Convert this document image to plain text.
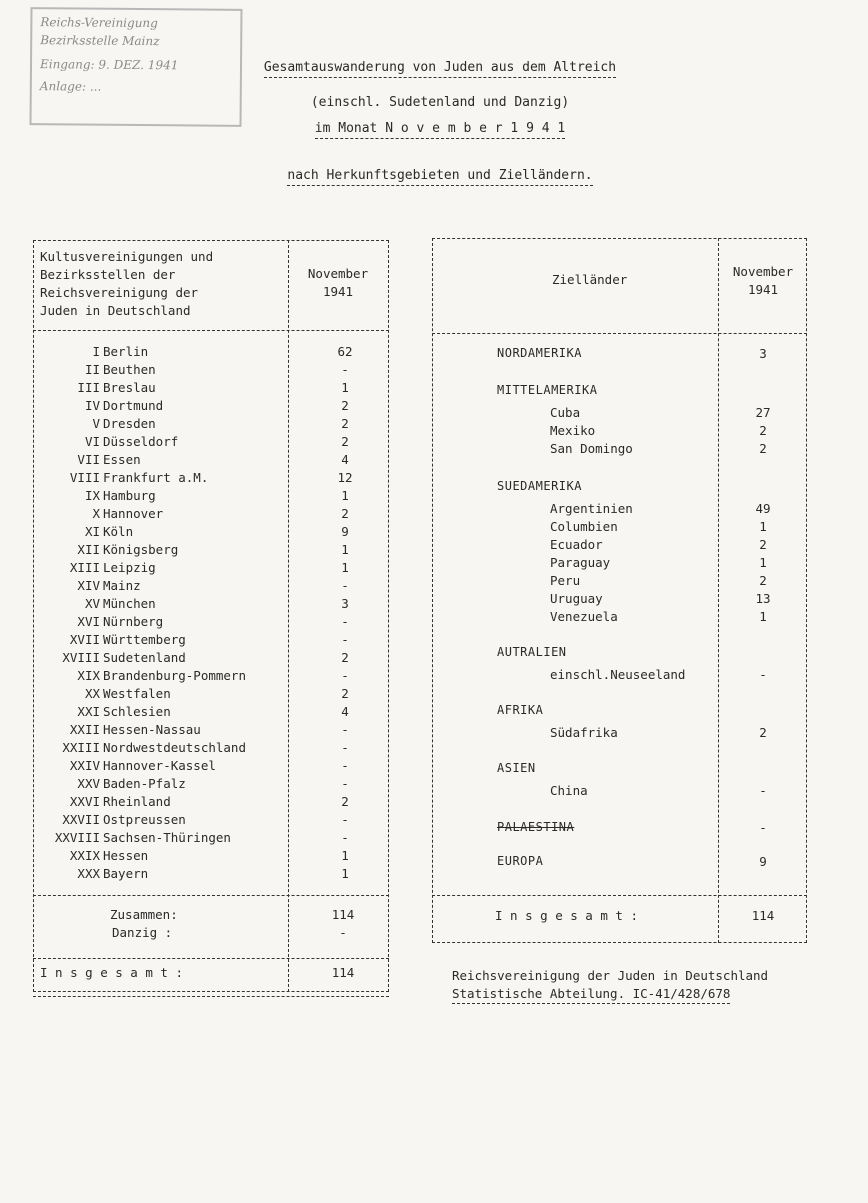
Reichs-Vereinigung
Bezirksstelle Mainz
Eingang: 9. DEZ. 1941
Anlage: ...
Gesamtauswanderung von Juden aus dem Altreich
(einschl. Sudetenland und Danzig)
im Monat N o v e m b e r 1 9 4 1
nach Herkunftsgebieten und Zielländern.
Kultusvereinigungen und
Bezirksstellen der
Reichsvereinigung der
Juden in Deutschland
November
1941
I Berlin	62
II Beuthen	-
III Breslau	1
IV Dortmund	2
V Dresden	2
VI Düsseldorf	2
VII Essen	4
VIII Frankfurt a.M.	12
IX Hamburg	1
X Hannover	2
XI Köln	9
XII Königsberg	1
XIII Leipzig	1
XIV Mainz	-
XV München	3
XVI Nürnberg	-
XVII Württemberg	-
XVIII Sudetenland	2
XIX Brandenburg-Pommern	-
XX Westfalen	2
XXI Schlesien	4
XXII Hessen-Nassau	-
XXIII Nordwestdeutschland	-
XXIV Hannover-Kassel	-
XXV Baden-Pfalz	-
XXVI Rheinland	2
XXVII Ostpreussen	-
XXVIII Sachsen-Thüringen	-
XXIX Hessen	1
XXX Bayern	1
Zusammen:	114
Danzig :	-
I n s g e s a m t :	114
Zielländer
November
1941
NORDAMERIKA	3
MITTELAMERIKA
Cuba	27
Mexiko	2
San Domingo	2
SUEDAMERIKA
Argentinien	49
Columbien	1
Ecuador	2
Paraguay	1
Peru	2
Uruguay	13
Venezuela	1
AUTRALIEN
einschl.Neuseeland	-
AFRIKA
Südafrika	2
ASIEN
China	-
PALAESTINA	-
EUROPA	9
I n s g e s a m t :	114
Reichsvereinigung der Juden in Deutschland
Statistische Abteilung. IC-41/428/678
